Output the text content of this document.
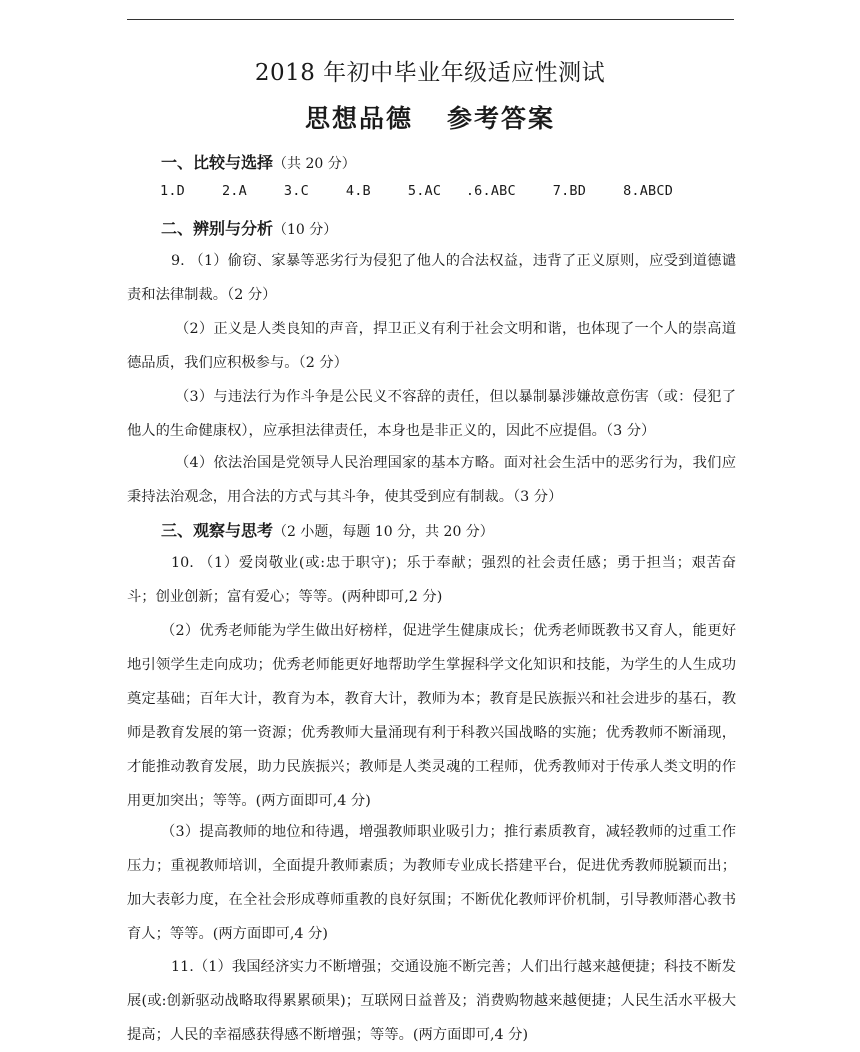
2018 年初中毕业年级适应性测试
思想品德 参考答案
一、比较与选择（共 20 分）
1.D   2.A   3.C   4.B   5.AC  .6.ABC   7.BD   8.ABCD
二、辨别与分析（10 分）

9. （1）偷窃、家暴等恶劣行为侵犯了他人的合法权益，违背了正义原则，应受到道德谴责和法律制裁。（2 分）

（2）正义是人类良知的声音，捍卫正义有利于社会文明和谐，也体现了一个人的崇高道德品质，我们应积极参与。（2 分）

（3）与违法行为作斗争是公民义不容辞的责任，但以暴制暴涉嫌故意伤害（或：侵犯了他人的生命健康权），应承担法律责任，本身也是非正义的，因此不应提倡。（3 分）

（4）依法治国是党领导人民治理国家的基本方略。面对社会生活中的恶劣行为，我们应秉持法治观念，用合法的方式与其斗争，使其受到应有制裁。（3 分）

三、观察与思考（2 小题，每题 10 分，共 20 分）

10. （1）爱岗敬业(或:忠于职守)；乐于奉献；强烈的社会责任感；勇于担当；艰苦奋斗；创业创新；富有爱心；等等。(两种即可,2 分)

（2）优秀老师能为学生做出好榜样，促进学生健康成长；优秀老师既教书又育人，能更好地引领学生走向成功；优秀老师能更好地帮助学生掌握科学文化知识和技能，为学生的人生成功奠定基础；百年大计，教育为本，教育大计，教师为本；教育是民族振兴和社会进步的基石，教师是教育发展的第一资源；优秀教师大量涌现有利于科教兴国战略的实施；优秀教师不断涌现，才能推动教育发展，助力民族振兴；教师是人类灵魂的工程师，优秀教师对于传承人类文明的作用更加突出；等等。(两方面即可,4 分)

（3）提高教师的地位和待遇，增强教师职业吸引力；推行素质教育，减轻教师的过重工作压力；重视教师培训，全面提升教师素质；为教师专业成长搭建平台，促进优秀教师脱颖而出；加大表彰力度，在全社会形成尊师重教的良好氛围；不断优化教师评价机制，引导教师潜心教书育人；等等。(两方面即可,4 分)

11.（1）我国经济实力不断增强；交通设施不断完善；人们出行越来越便捷；科技不断发展(或:创新驱动战略取得累累硕果)；互联网日益普及；消费购物越来越便捷；人民生活水平极大提高；人民的幸福感获得感不断增强；等等。(两方面即可,4 分)
